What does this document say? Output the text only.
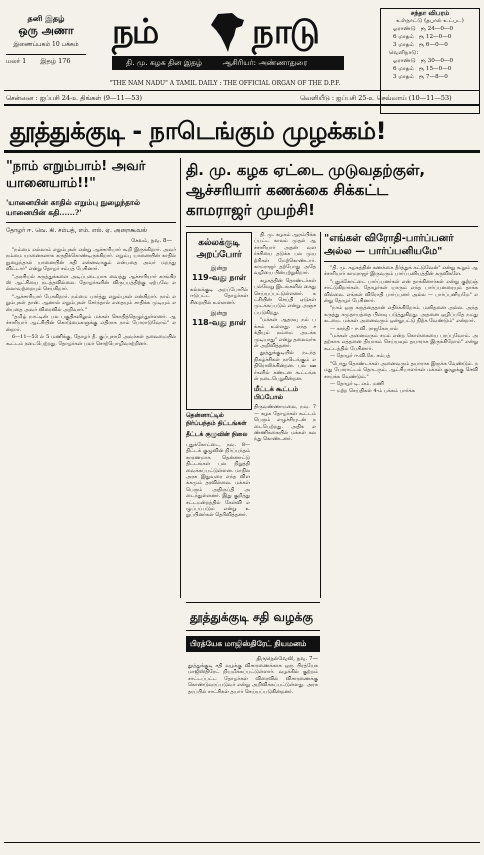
தனி இதழ்
ஒரு அணா
இணைப்பகம் 10 பக்கம்
மலர் 1 இதழ் 176
நம்	நாடு
தி. மு. கழக தின இதழ்	ஆசிரியர்: அண்ணாதுரை
சந்தா விபரம்
உள்நாட்டு (தபால் உட்பட)
ஓராண்டு ரூ 24—0—0
6 மாதம் ரூ 12—0—0
3 மாதம் ரூ 6—0—0
வெளிநாடு:
ஓராண்டு ரூ 30—0—0
6 மாதம் ரூ 15—0—0
3 மாதம் ரூ 7—8—0
"THE NAM NADU" A TAMIL DAILY : THE OFFICIAL ORGAN OF THE D.P.F.
சென்னை : ஐப்பசி 24-உ திங்கள் (9—11—53)	வெளியீடு : ஐப்பசி 25-உ செவ்வாய் (10—11—53)
தூத்துக்குடி - நாடெங்கும் முழக்கம்!
"நாம் எறும்பாம்! அவர் யானையாம்!!"
'யானையின் காதில் எறும்பு நுழைந்தால் யானையின் கதி......?'
தோழர் ஈ. வெ. கி. சம்பத், எம். எல். ஏ. அறைகூவல்
சேலம், நவ. 8—

"நம்மை எல்லாம் எறும்புகள் என்று ஆச்சாரியார் கூறி இருக்கிறார். அவர் நம்மை யானைகளாக கருதிக்கொண்டிருக்கிறார். எறும்பு யானையின் காதில் நுழைந்தால் யானையின் கதி என்னவாகும் என்பதை அவர் மறந்து விட்டார்" என்று தோழர் சம்பத் பேசினார்.

"அரசியல் கருத்துக்களை அடிப்படையாக வைத்து ஆச்சாரியார் காங்கிரஸ் ஆட்சியை நடத்தவில்லை. தோழர்களின் விருப்பத்திற்கு ஏற்பவே எல்லாவற்றையும் செய்கிறார்.

"ஆச்சாரியார் பேசுகிறார். நம்மை பார்த்து எறும்புகள் என்கிறார். நாம் எறும்புகள் தான். ஆனால் எறும்புகள் சேர்ந்தால் எதையும் சாதிக்க முடியும் என்பதை அவர் விரைவில் அறிவார்."

"தமிழ் நாட்டின் பல பகுதிகளிலும் மக்கள் கொதித்தெழுந்துள்ளனர். ஆச்சாரியார் ஆட்சியின் கொடுமைகளுக்கு எதிராக நாம் போராடுவோம்" என்றார்.

6—11—53 ல் 5 மணிக்கு, தோழர் தீ. குப்புசாமி அவர்கள் தலைமையில் கூட்டம் நடைபெற்றது. தோழர்கள் பலர் சொற்பொழிவாற்றினர்.

தி. மு. கழக ஏட்டை முடுவதற்குள்,
ஆச்சரியார் கணக்கை சிக்கட்ட
காமராஜர் முயற்சி!
கல்லக்குடி அறப்போர்
இன்று
119-வது நாள்
கல்லக்குடி அறப்போரில் ஈடுபட்ட தோழர்கள் சிறையில் உள்ளனர்.
இன்று
118-வது நாள்
தென்னாட்டில் நிர்ப்பந்தம் திட்டங்கள்
தீட்டக் குழுவின் நிலை
புதுக்கோட்டை, நவ. 8— திட்டக் குழுவின் நிர்ப்பந்தம் காரணமாக தென்னாட்டு திட்டங்கள் பல நிறுத்தி வைக்கப்பட்டுள்ளன. மாநில அரசு இதுவரை எந்த விளக்கமும் தரவில்லை. மக்கள் பெரும் அதிருப்தி அடைந்துள்ளனர். இது குறித்து சட்டமன்றத்தில் கேள்வி எழுப்பப்படும் என்று உறுப்பினர்கள் தெரிவித்தனர்.

தி. மு. கழகம் ஆரம்பிக்கப்பட்ட காலம் முதல் ஆச்சாரியார் அதன் வளர்ச்சியை தடுக்க பல முயற்சிகள் மேற்கொண்டார். காமராஜர் தற்போது அதே வழியை பின்பற்றுகிறார்.

கழகத்தின் தொண்டர்கள் பல்வேறு இடங்களில் கைது செய்யப்பட்டுள்ளனர். கட்சியின் செய்தி ஏடுகள் முடக்கப்படும் என்று அஞ்சப்படுகிறது.

"மக்கள் ஆதரவு நம் பக்கம் உள்ளது. எந்த சக்தியும் நம்மை அடக்க முடியாது" என்று தலைவர்கள் அறிவித்தனர்.

தூத்துக்குடியில் நடந்த நிகழ்ச்சிகள் நாடெங்கும் எதிரொலிக்கின்றன. பல ஊர்களில் கண்டன கூட்டங்கள் நடைபெறுகின்றன.

மீட்டக் கூட்டம் பிப்போல்
திருவண்ணாமலை, நவ. 7— கழக தோழர்கள் கூட்டம் பெரும் எழுச்சியுடன் நடைபெற்றது. அதிக எண்ணிக்கையில் மக்கள் கலந்து கொண்டனர்.
"எங்கள் விரோதி-பார்ப்பனர் அல்ல — பார்ப்பனியமே"

"தி. மு. கழகத்தின் கணக்கை தீர்த்துக் கட்டுவேன்" என்று கூறும் ஆச்சாரியார் காமராஜர் இருவரும் பார்ப்பனியத்தின் கருவிகளே.

"புதுக்கோட்டை பார்ப்பனர்கள் என் தாக்கினார்கள் என்று குற்றஞ் சாட்டுகிறார்கள். தோழர்கள் யாரும் எந்த பார்ப்பனரையும் தாக்கவில்லை. எங்கள் விரோதி பார்ப்பனர் அல்ல — பார்ப்பனியமே" என்று தோழர் பேசினார்.

"நாம் ஒரு கருத்தைதான் எதிர்க்கிறோம். மனிதனை அல்ல. அந்த கருத்து சமுதாயத்தை பிளவு படுத்துகிறது. அதனை ஒழிப்பதே நமது கடமை. மக்கள் அனைவரும் ஒன்றுபட்டு நிற்க வேண்டும்" என்றார்.

— காந்தி - ஈ.வி. ராஜகோபால்

"மக்கள் அனைவரும் சமம் என்ற கொள்கையை பரப்புவோம். அதற்காக எத்தனை தியாகம் செய்யவும் தயாராக இருக்கிறோம்" என்று கூட்டத்தில் பேசினார்.

— தோழர் ஈ.வி.கே. சம்பத்

"பொது தொண்டர்கள் அனைவரும் தயாராக இருக்க வேண்டும். நமது போராட்டம் தொடரும். ஆட்சியாளர்கள் மக்கள் குரலுக்கு செவி சாய்க்க வேண்டும்."

— தோழர் டி. எம். மணி

— மற்ற செய்திகள் 4-ம் பக்கம் பார்க்க

தூத்துக்குடி சதி வழக்கு
பிரத்யேக மாஜிஸ்திரேட் நியமனம்
திருநெல்வேலி, நவ. 7—
தூத்துக்குடி சதி வழக்கு விசாரணைக்காக ஒரு பிரத்யேக மாஜிஸ்திரேட் நியமிக்கப்பட்டுள்ளார். வழக்கில் குற்றம் சாட்டப்பட்ட தோழர்கள் விரைவில் விசாரணைக்கு கொண்டுவரப்படுவர் என்று அறிவிக்கப்பட்டுள்ளது. அரசு தரப்பில் சாட்சிகள் தயார் செய்யப்படுகின்றனர்.
